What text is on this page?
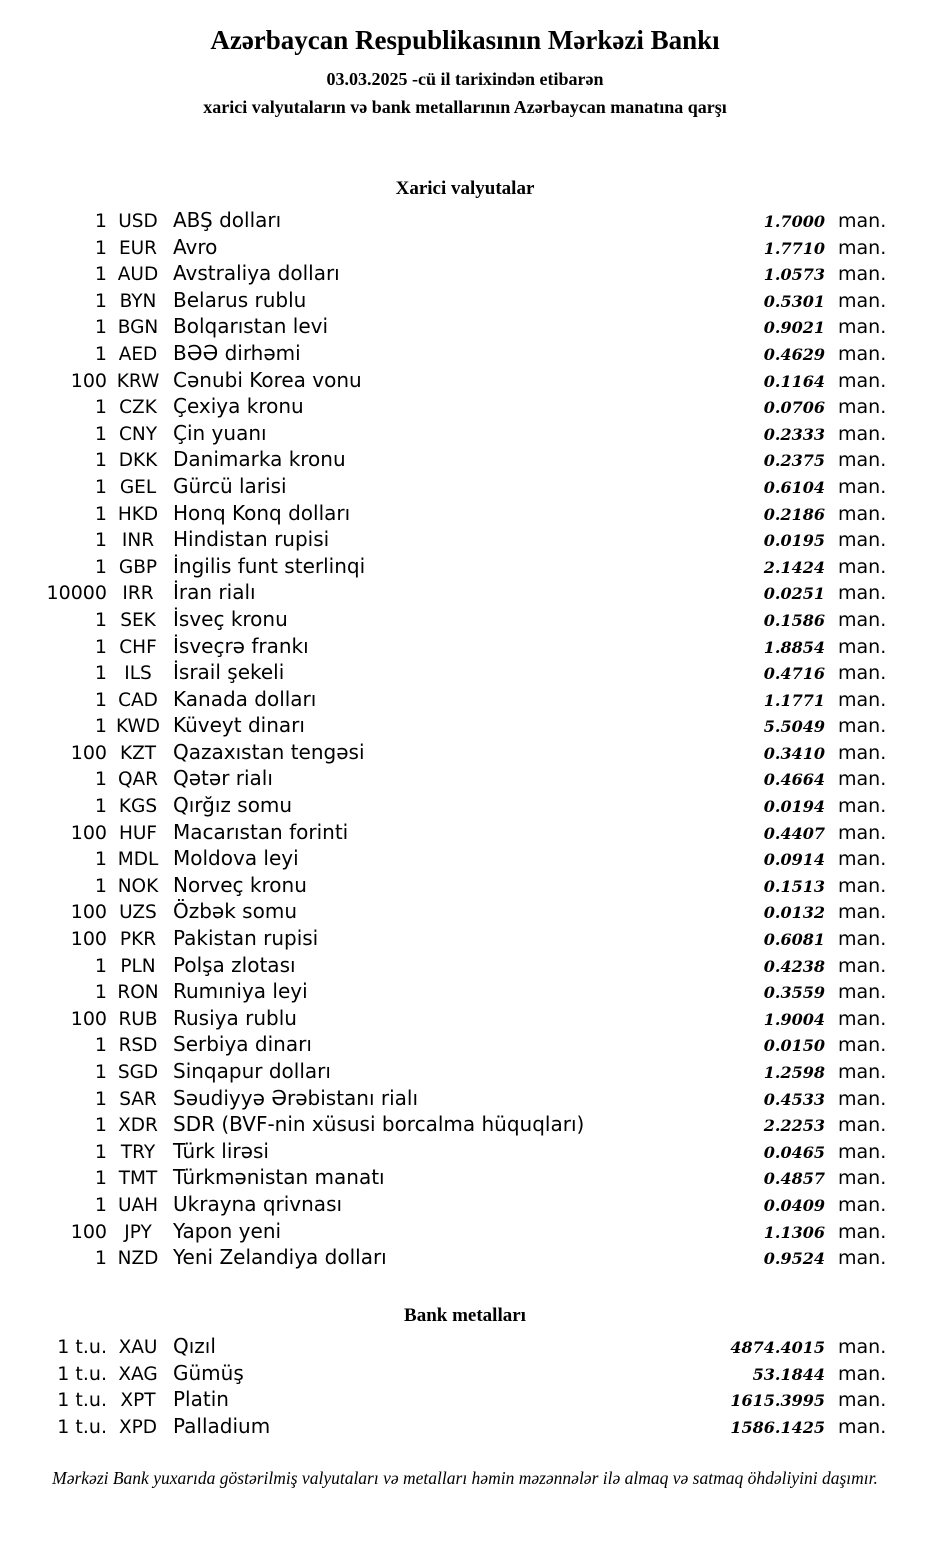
Azərbaycan Respublikasının Mərkəzi Bankı
03.03.2025 -cü il tarixindən etibarən
xarici valyutaların və bank metallarının Azərbaycan manatına qarşı
Xarici valyutalar
1 USD ABŞ dolları	1.7000 man.
1 EUR Avro	1.7710 man.
1 AUD Avstraliya dolları	1.0573 man.
1 BYN Belarus rublu	0.5301 man.
1 BGN Bolqarıstan levi	0.9021 man.
1 AED BƏƏ dirhəmi	0.4629 man.
100 KRW Cənubi Korea vonu	0.1164 man.
1 CZK Çexiya kronu	0.0706 man.
1 CNY Çin yuanı	0.2333 man.
1 DKK Danimarka kronu	0.2375 man.
1 GEL Gürcü larisi	0.6104 man.
1 HKD Honq Konq dolları	0.2186 man.
1 INR Hindistan rupisi	0.0195 man.
1 GBP İngilis funt sterlinqi	2.1424 man.
10000 IRR İran rialı	0.0251 man.
1 SEK İsveç kronu	0.1586 man.
1 CHF İsveçrə frankı	1.8854 man.
1 ILS	İsrail şekeli	0.4716 man.
1 CAD Kanada dolları	1.1771 man.
1 KWD Küveyt dinarı	5.5049 man.
100 KZT Qazaxıstan tengəsi	0.3410 man.
1 QAR Qətər rialı	0.4664 man.
1 KGS Qırğız somu	0.0194 man.
100 HUF Macarıstan forinti	0.4407 man.
1 MDL Moldova leyi	0.0914 man.
1 NOK Norveç kronu	0.1513 man.
100 UZS Özbək somu	0.0132 man.
100 PKR Pakistan rupisi	0.6081 man.
1 PLN Polşa zlotası	0.4238 man.
1 RON Rumıniya leyi	0.3559 man.
100 RUB Rusiya rublu	1.9004 man.
1 RSD Serbiya dinarı	0.0150 man.
1 SGD Sinqapur dolları	1.2598 man.
1 SAR Səudiyyə Ərəbistanı rialı	0.4533 man.
1 XDR SDR (BVF-nin xüsusi borcalma hüquqları)	2.2253 man.
1 TRY Türk lirəsi	0.0465 man.
1 TMT Türkmənistan manatı	0.4857 man.
1 UAH Ukrayna qrivnası	0.0409 man.
100 JPY	Yapon yeni	1.1306 man.
1 NZD Yeni Zelandiya dolları	0.9524 man.
Bank metalları
1 t.u. XAU Qızıl	4874.4015 man.
1 t.u. XAG Gümüş	53.1844 man.
1 t.u. XPT Platin	1615.3995 man.
1 t.u. XPD Palladium	1586.1425 man.
Mərkəzi Bank yuxarıda göstərilmiş valyutaları və metalları həmin məzənnələr ilə almaq və satmaq öhdəliyini daşımır.
